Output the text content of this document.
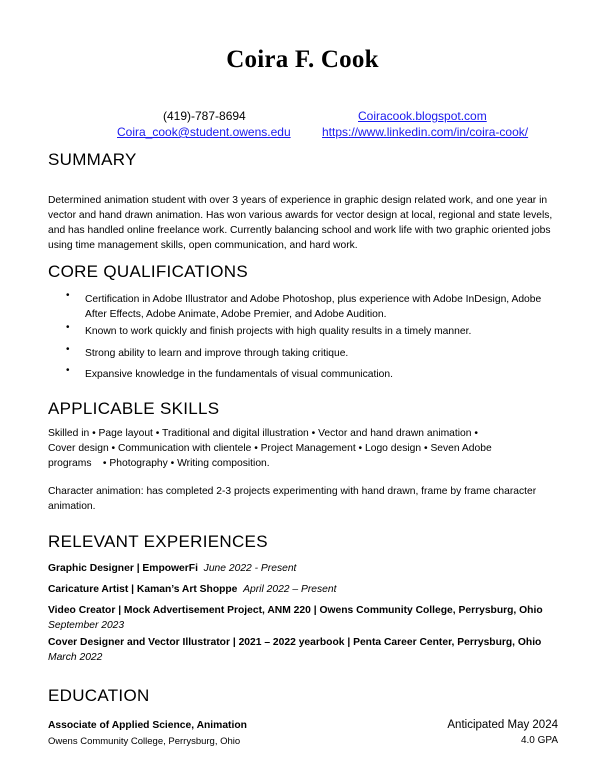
Coira F. Cook
(419)-787-8694	Coiracook.blogspot.com
Coira_cook@student.owens.edu	https://www.linkedin.com/in/coira-cook/
SUMMARY
Determined animation student with over 3 years of experience in graphic design related work, and one year in vector and hand drawn animation. Has won various awards for vector design at local, regional and state levels, and has handled online freelance work. Currently balancing school and work life with two graphic oriented jobs using time management skills, open communication, and hard work.
CORE QUALIFICATIONS
• Certification in Adobe Illustrator and Adobe Photoshop, plus experience with Adobe InDesign, Adobe After Effects, Adobe Animate, Adobe Premier, and Adobe Audition.
• Known to work quickly and finish projects with high quality results in a timely manner.
• Strong ability to learn and improve through taking critique.
• Expansive knowledge in the fundamentals of visual communication.
APPLICABLE SKILLS
Skilled in • Page layout • Traditional and digital illustration • Vector and hand drawn animation •
Cover design • Communication with clientele • Project Management • Logo design • Seven Adobe
programs    • Photography • Writing composition.
Character animation: has completed 2-3 projects experimenting with hand drawn, frame by frame character animation.
RELEVANT EXPERIENCES
Graphic Designer | EmpowerFi June 2022 - Present
Caricature Artist | Kaman’s Art Shoppe April 2022 – Present
Video Creator | Mock Advertisement Project, ANM 220 | Owens Community College, Perrysburg, Ohio September 2023
Cover Designer and Vector Illustrator | 2021 – 2022 yearbook | Penta Career Center, Perrysburg, Ohio March 2022
EDUCATION
Associate of Applied Science, Animation
Owens Community College, Perrysburg, Ohio
Anticipated May 2024
4.0 GPA
